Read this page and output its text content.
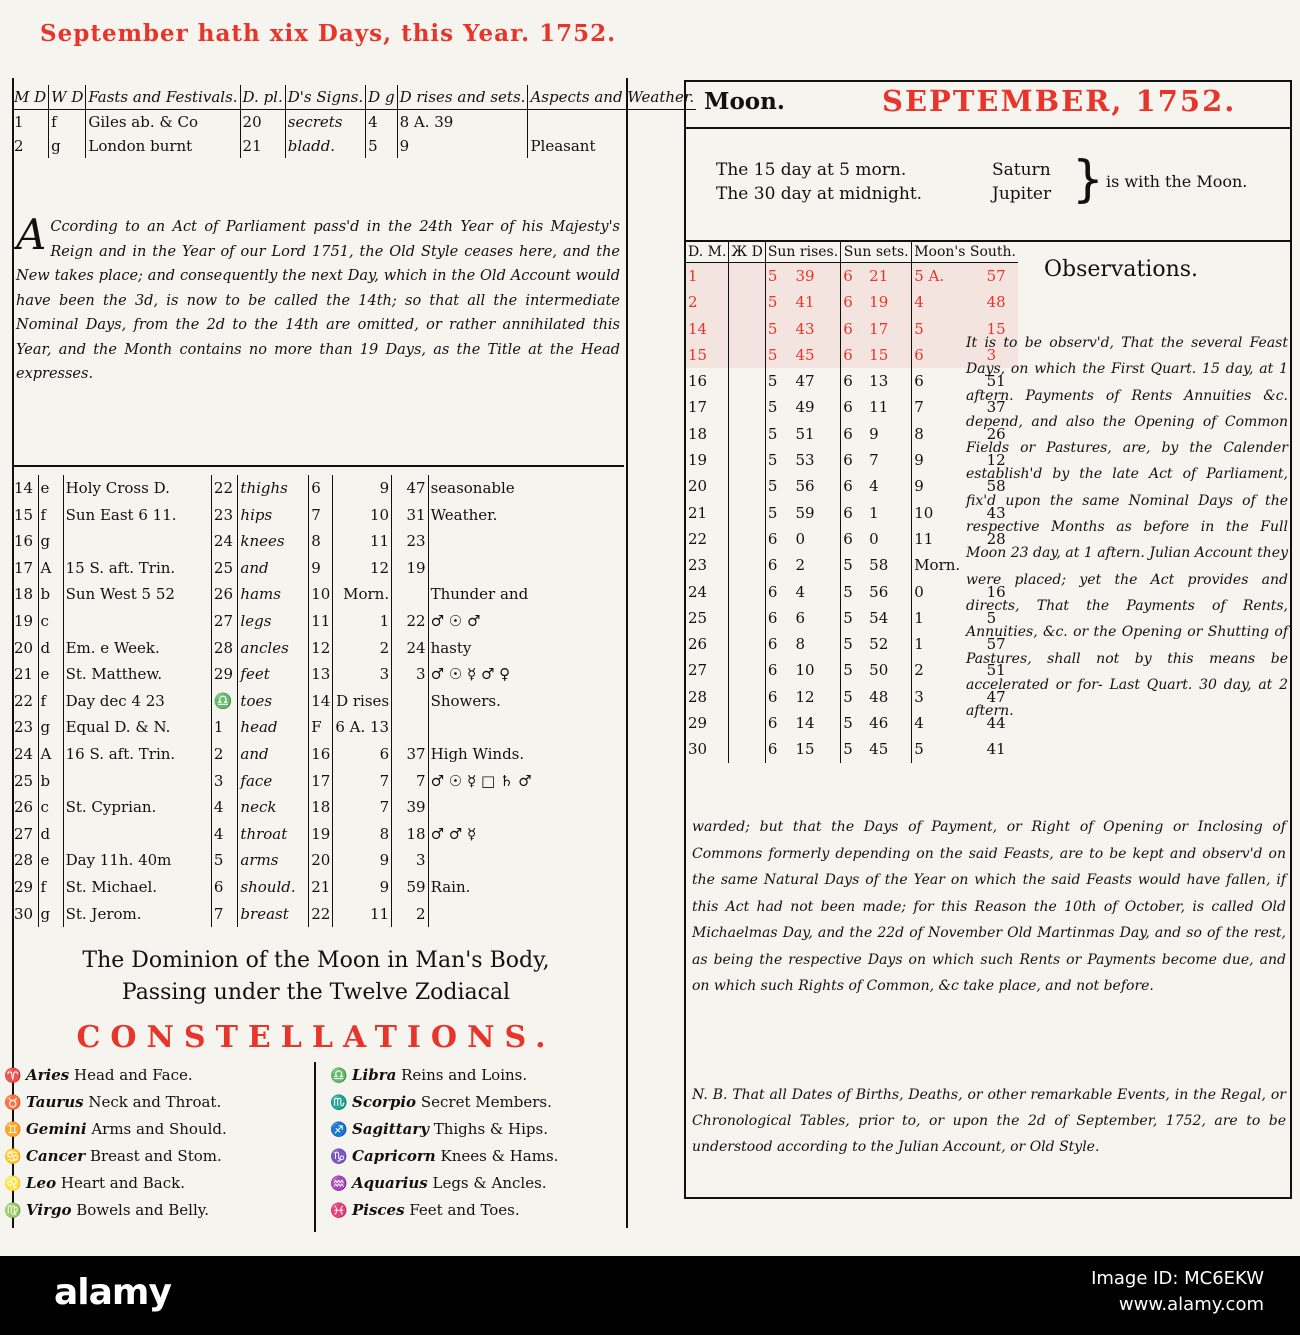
September hath xix Days, this Year. 1752.
M D	W D	Fasts and Festivals.	D. pl.	D's Signs.	D g	D rises and sets.	Aspects and Weather.
1	f	Giles ab. & Co	20	secrets	4	8 A. 39	
2	g	London burnt	21	bladd.	5	9	Pleasant
A Ccording to an Act of Parliament pass'd in the 24th Year of his Majesty's Reign and in the Year of our Lord 1751, the Old Style ceases here, and the New takes place; and consequently the next Day, which in the Old Account would have been the 3d, is now to be called the 14th; so that all the intermediate Nominal Days, from the 2d to the 14th are omitted, or rather annihilated this Year, and the Month contains no more than 19 Days, as the Title at the Head expresses.
14	e	Holy Cross D.	22	thighs	6	9	47	seasonable
15	f	Sun East 6 11.	23	hips	7	10	31	Weather.
16	g		24	knees	8	11	23	
17	A	15 S. aft. Trin.	25	and	9	12	19	
18	b	Sun West 5 52	26	hams	10	Morn.		Thunder and
19	c		27	legs	11	1	22	♂ ☉ ♂
20	d	Em. e Week.	28	ancles	12	2	24	hasty
21	e	St. Matthew.	29	feet	13	3	3	♂ ☉ ☿ ♂ ♀
22	f	Day dec 4 23	♎	toes	14	D rises		Showers.
23	g	Equal D. & N.	1	head	F	6 A. 13		
24	A	16 S. aft. Trin.	2	and	16	6	37	High Winds.
25	b		3	face	17	7	7	♂ ☉ ☿ □ ♄ ♂
26	c	St. Cyprian.	4	neck	18	7	39	
27	d		4	throat	19	8	18	♂ ♂ ☿
28	e	Day 11h. 40m	5	arms	20	9	3	
29	f	St. Michael.	6	should.	21	9	59	Rain.
30	g	St. Jerom.	7	breast	22	11	2	
The Dominion of the Moon in Man's Body,
Passing under the Twelve Zodiacal
CONSTELLATIONS.
♈ Aries Head and Face.
♉ Taurus Neck and Throat.
♊ Gemini Arms and Should.
♋ Cancer Breast and Stom.
♌ Leo Heart and Back.
♍ Virgo Bowels and Belly.
♎ Libra Reins and Loins.
♏ Scorpio Secret Members.
♐ Sagittary Thighs & Hips.
♑ Capricorn Knees & Hams.
♒ Aquarius Legs & Ancles.
♓ Pisces Feet and Toes.
Moon.	SEPTEMBER, 1752.
The 15 day at 5 morn.
The 30 day at midnight.
Saturn
Jupiter } is with the Moon.
D. M.	Ж D	Sun rises.		Sun sets.		Moon's South.	
1		5	39	6	21	5 A.	57
2		5	41	6	19	4	48
14		5	43	6	17	5	15
15		5	45	6	15	6	3
16		5	47	6	13	6	51
17		5	49	6	11	7	37
18		5	51	6	9	8	26
19		5	53	6	7	9	12
20		5	56	6	4	9	58
21		5	59	6	1	10	43
22		6	0	6	0	11	28
23		6	2	5	58	Morn.	
24		6	4	5	56	0	16
25		6	6	5	54	1	5
26		6	8	5	52	1	57
27		6	10	5	50	2	51
28		6	12	5	48	3	47
29		6	14	5	46	4	44
30		6	15	5	45	5	41
Observations.
It is to be observ'd, That the several Feast Days, on which the First Quart. 15 day, at 1 aftern. Payments of Rents Annuities &c. depend, and also the Opening of Common Fields or Pastures, are, by the Calender establish'd by the late Act of Parliament, fix'd upon the same Nominal Days of the respective Months as before in the Full Moon 23 day, at 1 aftern. Julian Account they were placed; yet the Act provides and directs, That the Payments of Rents, Annuities, &c. or the Opening or Shutting of Pastures, shall not by this means be accelerated or for- Last Quart. 30 day, at 2 aftern.
warded; but that the Days of Payment, or Right of Opening or Inclosing of Commons formerly depending on the said Feasts, are to be kept and observ'd on the same Natural Days of the Year on which the said Feasts would have fallen, if this Act had not been made; for this Reason the 10th of October, is called Old Michaelmas Day, and the 22d of November Old Martinmas Day, and so of the rest, as being the respective Days on which such Rents or Payments become due, and on which such Rights of Common, &c take place, and not before.
N. B. That all Dates of Births, Deaths, or other remarkable Events, in the Regal, or Chronological Tables, prior to, or upon the 2d of September, 1752, are to be understood according to the Julian Account, or Old Style.
alamy	Image ID: MC6EKW
www.alamy.com
